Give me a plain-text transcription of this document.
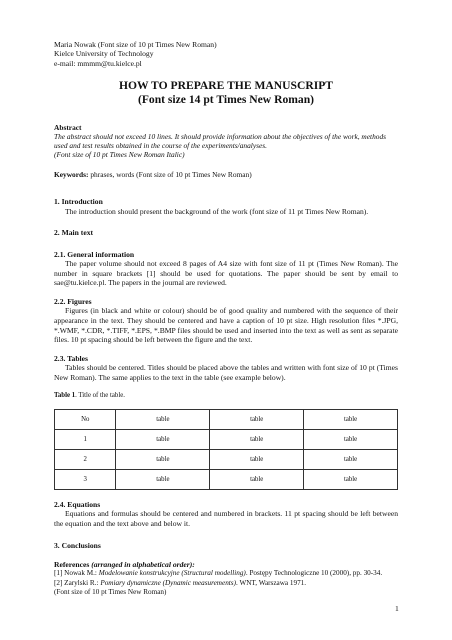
Maria Nowak (Font size of 10 pt Times New Roman)
Kielce University of Technology
e-mail: mmmm@tu.kielce.pl
HOW TO PREPARE THE MANUSCRIPT
(Font size 14 pt Times New Roman)
Abstract
The abstract should not exceed 10 lines. It should provide information about the objectives of the work, methods used and test results obtained in the course of the experiments/analyses.
(Font size of 10 pt Times New Roman Italic)
Keywords: phrases, words (Font size of 10 pt Times New Roman)
1. Introduction
The introduction should present the background of the work (font size of 11 pt Times New Roman).
2. Main text
2.1. General information
The paper volume should not exceed 8 pages of A4 size with font size of 11 pt (Times New Roman). The number in square brackets [1] should be used for quotations. The paper should be sent by email to sae@tu.kielce.pl. The papers in the journal are reviewed.
2.2. Figures
Figures (in black and white or colour) should be of good quality and numbered with the sequence of their appearance in the text. They should be centered and have a caption of 10 pt size. High resolution files *.JPG, *.WMF, *.CDR, *.TIFF, *.EPS, *.BMP files should be used and inserted into the text as well as sent as separate files. 10 pt spacing should be left between the figure and the text.
2.3. Tables
Tables should be centered. Titles should be placed above the tables and written with font size of 10 pt (Times New Roman). The same applies to the text in the table (see example below).
Table 1. Title of the table.
No	table	table	table
1	table	table	table
2	table	table	table
3	table	table	table
2.4. Equations
Equations and formulas should be centered and numbered in brackets. 11 pt spacing should be left between the equation and the text above and below it.
3. Conclusions
References (arranged in alphabetical order):
[1] Nowak M.: Modelowanie konstrukcyjne (Structural modelling). Postępy Technologiczne 10 (2000), pp. 30-34.
[2] Zarylski R.: Pomiary dynamiczne (Dynamic measurements). WNT, Warszawa 1971.
(Font size of 10 pt Times New Roman)
1
